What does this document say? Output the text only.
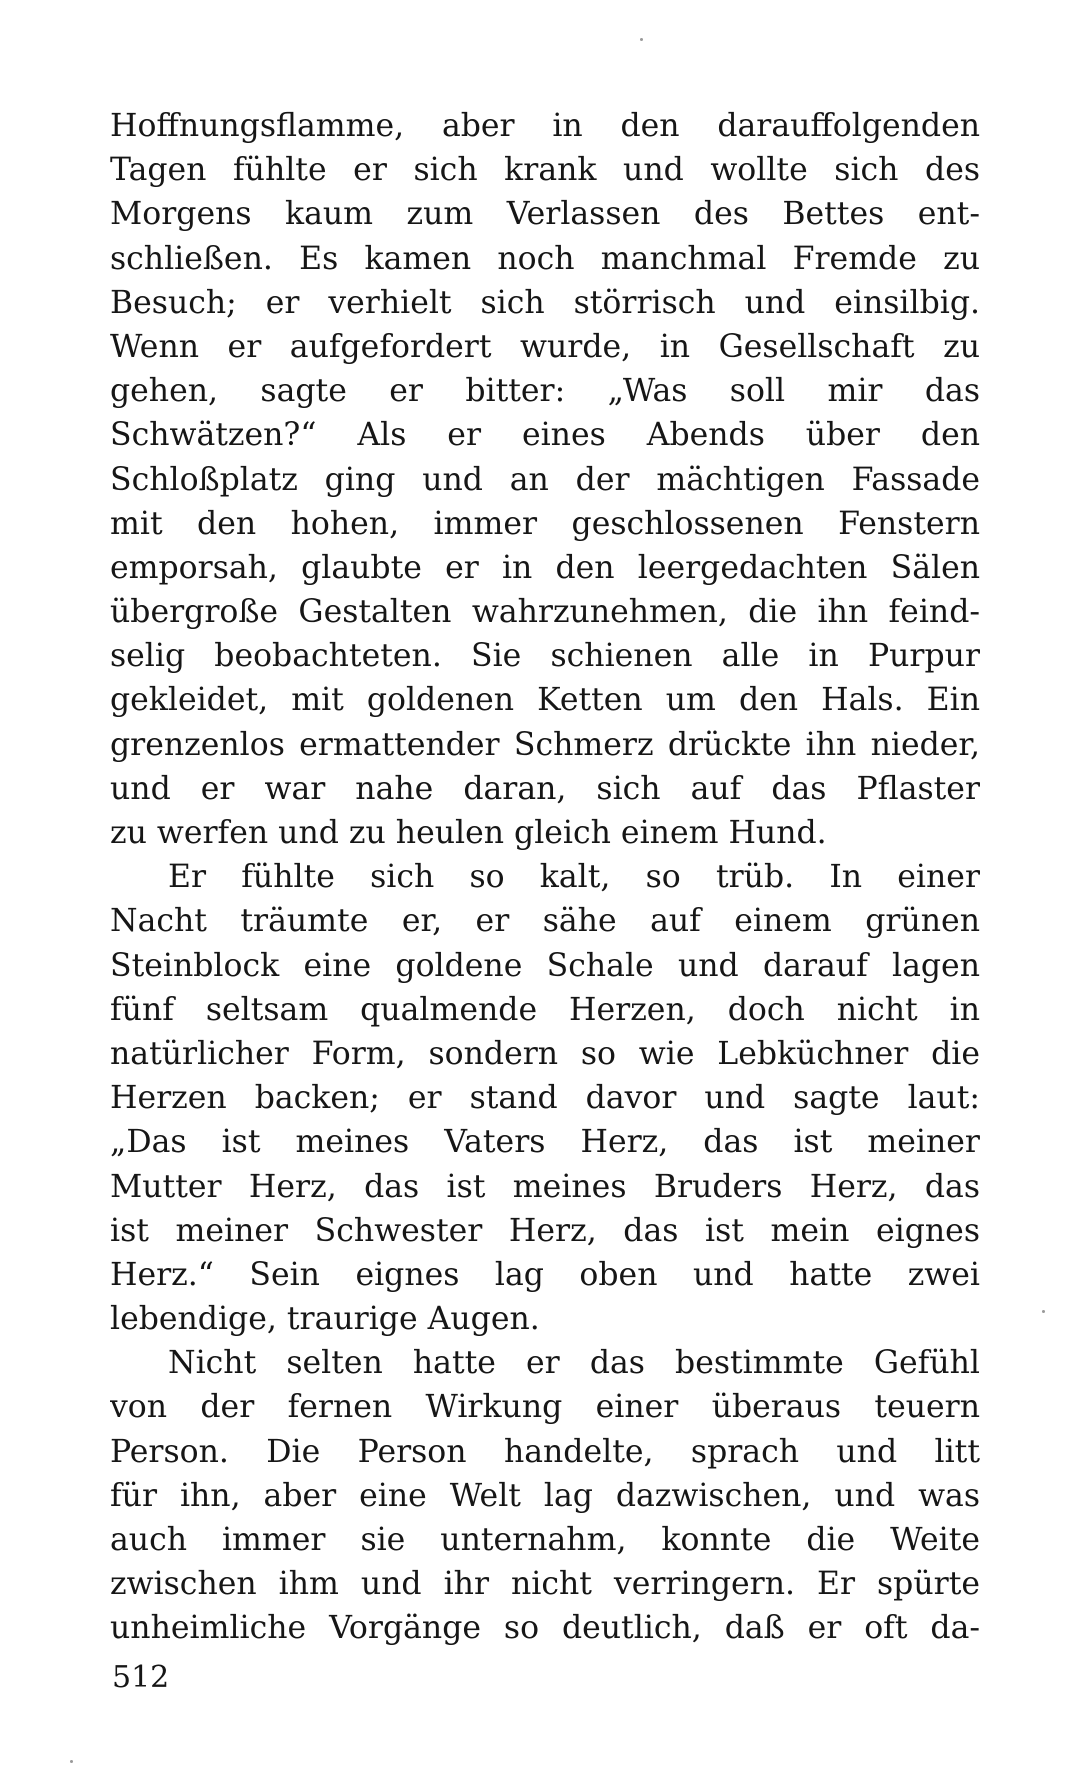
Hoffnungsflamme, aber in den darauffolgenden
Tagen fühlte er sich krank und wollte sich des
Morgens kaum zum Verlassen des Bettes ent-
schließen. Es kamen noch manchmal Fremde zu
Besuch; er verhielt sich störrisch und einsilbig.
Wenn er aufgefordert wurde, in Gesellschaft zu
gehen, sagte er bitter: „Was soll mir das
Schwätzen?“ Als er eines Abends über den
Schloßplatz ging und an der mächtigen Fassade
mit den hohen, immer geschlossenen Fenstern
emporsah, glaubte er in den leergedachten Sälen
übergroße Gestalten wahrzunehmen, die ihn feind-
selig beobachteten. Sie schienen alle in Purpur
gekleidet, mit goldenen Ketten um den Hals. Ein
grenzenlos ermattender Schmerz drückte ihn nieder,
und er war nahe daran, sich auf das Pflaster
zu werfen und zu heulen gleich einem Hund.
Er fühlte sich so kalt, so trüb. In einer
Nacht träumte er, er sähe auf einem grünen
Steinblock eine goldene Schale und darauf lagen
fünf seltsam qualmende Herzen, doch nicht in
natürlicher Form, sondern so wie Lebküchner die
Herzen backen; er stand davor und sagte laut:
„Das ist meines Vaters Herz, das ist meiner
Mutter Herz, das ist meines Bruders Herz, das
ist meiner Schwester Herz, das ist mein eignes
Herz.“ Sein eignes lag oben und hatte zwei
lebendige, traurige Augen.
Nicht selten hatte er das bestimmte Gefühl
von der fernen Wirkung einer überaus teuern
Person. Die Person handelte, sprach und litt
für ihn, aber eine Welt lag dazwischen, und was
auch immer sie unternahm, konnte die Weite
zwischen ihm und ihr nicht verringern. Er spürte
unheimliche Vorgänge so deutlich, daß er oft da-
512
